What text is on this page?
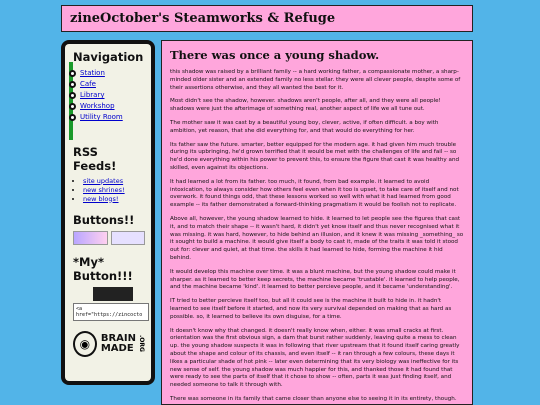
zineOctober's Steamworks & Refuge
Navigation
Station
Cafe
Library
Workshop
Utility Room
RSS Feeds!
• site updates
• new shrines!
• new blogs!
Buttons!!
*My* Button!!!
<a
href="https://zincocto
◉	BRAIN
MADE .ORG
There was once a young shadow.

this shadow was raised by a brilliant family -- a hard working father, a compassionate mother, a sharp-minded older sister and an extended family no less stellar. they were all clever people, despite some of their assertions otherwise, and they all wanted the best for it.

Most didn't see the shadow, however. shadows aren't people, after all, and they were all people! shadows were just the afterimage of something real, another aspect of life we all tune out.

The mother saw it was cast by a beautiful young boy, clever, active, if often difficult. a boy with ambition, yet reason, that she did everything for, and that would do everything for her.

Its father saw the future. smarter, better equipped for the modern age. it had given him much trouble during its upbringing, he'd grown terrified that it would be met with the challenges of life and fail -- so he'd done everything within his power to prevent this, to ensure the figure that cast it was healthy and skilled, even against its objections.

It had learned a lot from its father. too much, it found, from bad example. it learned to avoid intoxication, to always consider how others feel even when it too is upset, to take care of itself and not overwork. it found things odd, that these lessons worked so well with what it had learned from good example -- its father demonstrated a forward-thinking pragmatism it would be foolish not to replicate.

Above all, however, the young shadow learned to hide. it learned to let people see the figures that cast it, and to match their shape -- it wasn't hard, it didn't yet know itself and thus never recognised what it was missing. it was hard, however, to hide behind an illusion, and it knew it was missing _something_ so it sought to build a machine. it would give itself a body to cast it, made of the traits it was told it stood out for: clever and quiet, at that time. the skills it had learned to hide, forming the machine it hid behind.

It would develop this machine over time. it was a blunt machine, but the young shadow could make it sharper. as it learned to better keep secrets, the machine became 'trustable'. it learned to help people, and the machine became 'kind'. it learned to better percieve people, and it became 'understanding'.

IT tried to better percieve itself too, but all it could see is the machine it built to hide in. it hadn't learned to see itself before it started, and now its very survival depended on making that as hard as possible. so, it learned to believe its own disguise, for a time.

It doesn't know why that changed. it doesn't really know when, either. it was small cracks at first. orientation was the first obvious sign, a dam that burst rather suddenly, leaving quite a mess to clean up. the young shadow suspects it was in following that river upstream that it found itself caring greatly about the shape and colour of its chassis, and even itself -- it ran through a few colours, these days it likes a particular shade of hot pink -- later even determining that its very biology was ineffective for its new sense of self. the young shadow was much happier for this, and thanked those it had found that were ready to see the parts of itself that it chose to show -- often, parts it was just finding itself, and needed someone to talk it through with.

There was someone in its family that came closer than anyone else to seeing it in its entirety, though.
